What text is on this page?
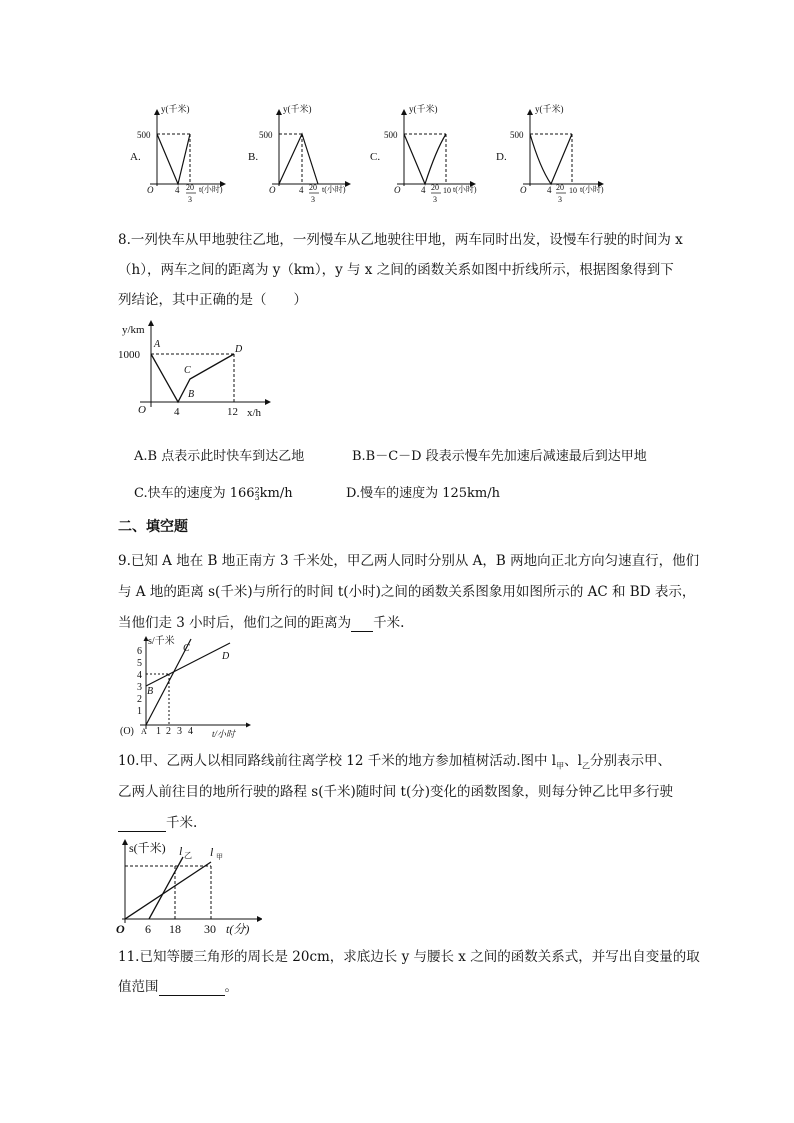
A.
y(千米)
500
O 4 20
3
t(小时)
B.
y(千米)
500
O	4 20
3
t(小时)
C.
y(千米)
500
O 4 20
3
10 t(小时)
D.
y(千米)
500
O 4 20
3
10 t(小时)
8.一列快车从甲地驶往乙地，一列慢车从乙地驶往甲地，两车同时出发，设慢车行驶的时间为 x
（h），两车之间的距离为 y（km），y 与 x 之间的函数关系如图中折线所示，根据图象得到下
列结论，其中正确的是（　　）
y/km
1000
A
B
C
D
O	4	12 x/h
A.B 点表示此时快车到达乙地	B.B－C－D 段表示慢车先加速后减速最后到达甲地
C.快车的速度为 1662
3km/h	D.慢车的速度为 125km/h
二、填空题
9.已知 A 地在 B 地正南方 3 千米处，甲乙两人同时分别从 A，B 两地向正北方向匀速直行，他们
与 A 地的距离 s(千米)与所行的时间 t(小时)之间的函数关系图象用如图所示的 AC 和 BD 表示，
当他们走 3 小时后，他们之间的距离为 千米.
s/千米
6
5
4
3
2
1
B
C
D
(O) A 1 2 3 4 t/小时
10.甲、乙两人以相同路线前往离学校 12 千米的地方参加植树活动.图中 $l_甲$、$l_乙$分别表示甲、
乙两人前往目的地所行驶的路程 s(千米)随时间 t(分)变化的函数图象，则每分钟乙比甲多行驶
千米.
s(千米) l 乙 l 甲
O 6 18 30 t(分)
11.已知等腰三角形的周长是 20cm，求底边长 y 与腰长 x 之间的函数关系式，并写出自变量的取
值范围	。
